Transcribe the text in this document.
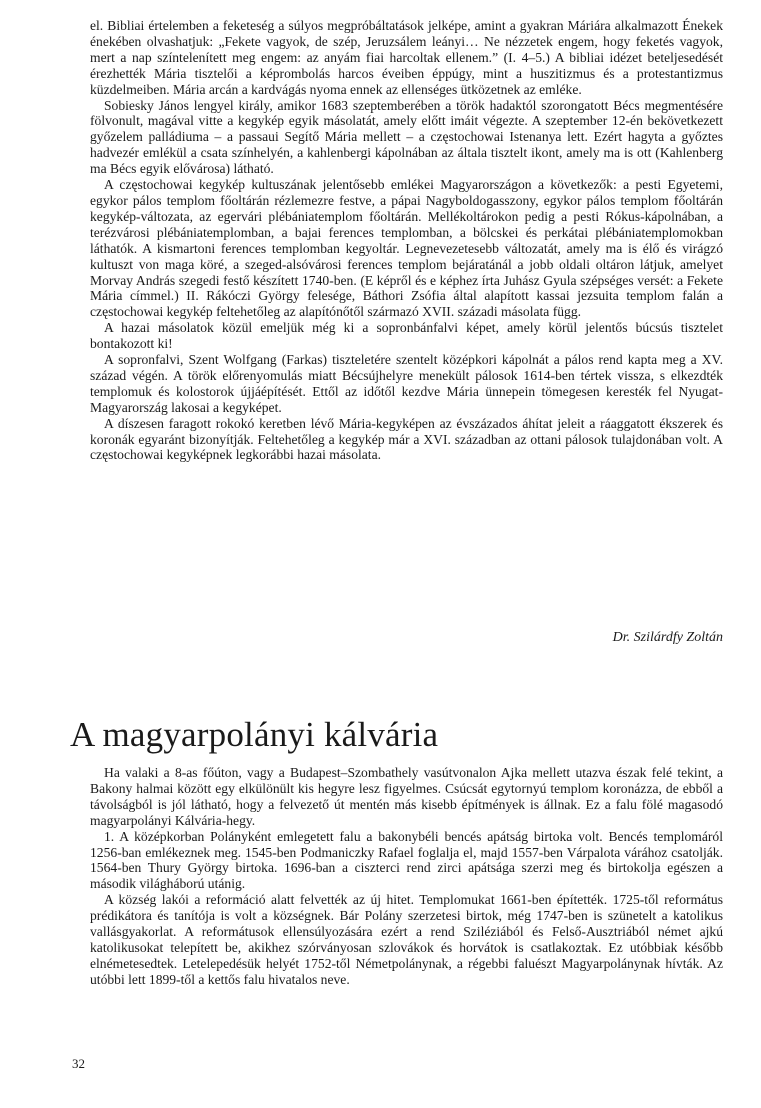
el. Bibliai értelemben a feketeség a súlyos megpróbáltatások jelképe, amint a gyakran Máriára alkalmazott Énekek énekében olvashatjuk: „Fekete vagyok, de szép, Jeruzsálem leányi… Ne nézzetek engem, hogy feketés vagyok, mert a nap színtelenített meg engem: az anyám fiai harcoltak ellenem.” (I. 4–5.) A bibliai idézet beteljesedését érezhették Mária tisztelői a képrombolás harcos éveiben éppúgy, mint a huszitizmus és a protestantizmus küzdelmeiben. Mária arcán a kardvágás nyoma ennek az ellenséges ütközetnek az emléke.

Sobiesky János lengyel király, amikor 1683 szeptemberében a török hadaktól szorongatott Bécs megmentésére fölvonult, magával vitte a kegykép egyik másolatát, amely előtt imáit végezte. A szeptember 12-én bekövetkezett győzelem palládiuma – a passaui Segítő Mária mellett – a częstochowai Istenanya lett. Ezért hagyta a győztes hadvezér emlékül a csata színhelyén, a kahlenbergi kápolnában az általa tisztelt ikont, amely ma is ott (Kahlenberg ma Bécs egyik elővárosa) látható.

A częstochowai kegykép kultuszának jelentősebb emlékei Magyarországon a következők: a pesti Egyetemi, egykor pálos templom főoltárán rézlemezre festve, a pápai Nagyboldogasszony, egykor pálos templom főoltárán kegykép-változata, az egervári plébániatemplom főoltárán. Mellékoltárokon pedig a pesti Rókus-kápolnában, a terézvárosi plébániatemplomban, a bajai ferences templomban, a bölcskei és perkátai plébániatemplomokban láthatók. A kismartoni ferences templomban kegyoltár. Legnevezetesebb változatát, amely ma is élő és virágzó kultuszt von maga köré, a szeged-alsóvárosi ferences templom bejáratánál a jobb oldali oltáron látjuk, amelyet Morvay András szegedi festő készített 1740-ben. (E képről és e képhez írta Juhász Gyula szépséges versét: a Fekete Mária címmel.) II. Rákóczi György felesége, Báthori Zsófia által alapított kassai jezsuita templom falán a częstochowai kegykép feltehetőleg az alapítónőtől származó XVII. századi másolata függ.

A hazai másolatok közül emeljük még ki a sopronbánfalvi képet, amely körül jelentős búcsús tisztelet bontakozott ki!

A sopronfalvi, Szent Wolfgang (Farkas) tiszteletére szentelt középkori kápolnát a pálos rend kapta meg a XV. század végén. A török előrenyomulás miatt Bécsújhelyre menekült pálosok 1614-ben tértek vissza, s elkezdték templomuk és kolostorok újjáépítését. Ettől az időtől kezdve Mária ünnepein tömegesen keresték fel Nyugat-Magyarország lakosai a kegyképet.

A díszesen faragott rokokó keretben lévő Mária-kegyképen az évszázados áhítat jeleit a ráaggatott ékszerek és koronák egyaránt bizonyítják. Feltehetőleg a kegykép már a XVI. században az ottani pálosok tulajdonában volt. A częstochowai kegyképnek legkorábbi hazai másolata.

Dr. Szilárdfy Zoltán
A magyarpolányi kálvária

Ha valaki a 8-as főúton, vagy a Budapest–Szombathely vasútvonalon Ajka mellett utazva észak felé tekint, a Bakony halmai között egy elkülönült kis hegyre lesz figyelmes. Csúcsát egytornyú templom koronázza, de ebből a távolságból is jól látható, hogy a felvezető út mentén más kisebb építmények is állnak. Ez a falu fölé magasodó magyarpolányi Kálvária-hegy.

1. A középkorban Polányként emlegetett falu a bakonybéli bencés apátság birtoka volt. Bencés templomáról 1256-ban emlékeznek meg. 1545-ben Podmaniczky Rafael foglalja el, majd 1557-ben Várpalota várához csatolják. 1564-ben Thury György birtoka. 1696-ban a ciszterci rend zirci apátsága szerzi meg és birtokolja egészen a második világháború utánig.

A község lakói a reformáció alatt felvették az új hitet. Templomukat 1661-ben építették. 1725-től református prédikátora és tanítója is volt a községnek. Bár Polány szerzetesi birtok, még 1747-ben is szünetelt a katolikus vallásgyakorlat. A reformátusok ellensúlyozására ezért a rend Sziléziából és Felső-Ausztriából német ajkú katolikusokat telepített be, akikhez szórványosan szlovákok és horvátok is csatlakoztak. Ez utóbbiak később elnémetesedtek. Letelepedésük helyét 1752-től Németpolánynak, a régebbi faluészt Magyarpolánynak hívták. Az utóbbi lett 1899-től a kettős falu hivatalos neve.

32
